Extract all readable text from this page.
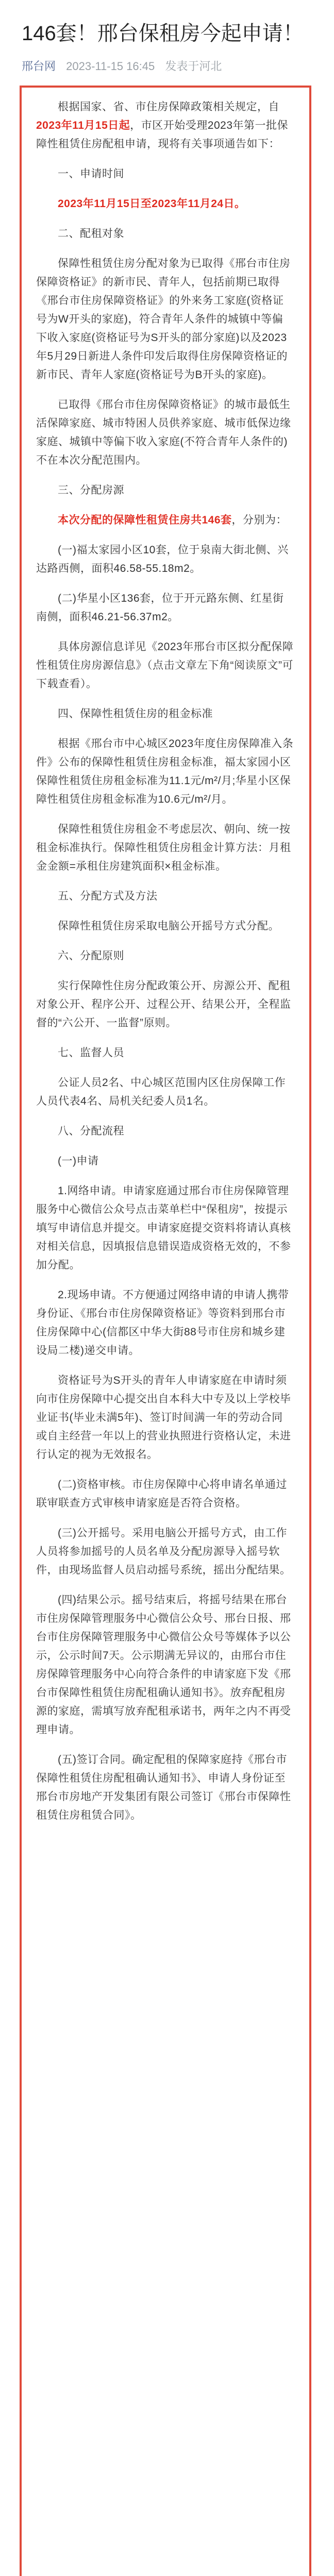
146套！邢台保租房今起申请！
邢台网 2023-11-15 16:45 发表于河北

根据国家、省、市住房保障政策相关规定，自2023年11月15日起，市区开始受理2023年第一批保障性租赁住房配租申请，现将有关事项通告如下：

一、申请时间

2023年11月15日至2023年11月24日。

二、配租对象

保障性租赁住房分配对象为已取得《邢台市住房保障资格证》的新市民、青年人，包括前期已取得《邢台市住房保障资格证》的外来务工家庭(资格证号为W开头的家庭)，符合青年人条件的城镇中等偏下收入家庭(资格证号为S开头的部分家庭)以及2023年5月29日新进人条件印发后取得住房保障资格证的新市民、青年人家庭(资格证号为B开头的家庭)。

已取得《邢台市住房保障资格证》的城市最低生活保障家庭、城市特困人员供养家庭、城市低保边缘家庭、城镇中等偏下收入家庭(不符合青年人条件的)不在本次分配范围内。

三、分配房源

本次分配的保障性租赁住房共146套，分别为：

(一)福太家园小区10套，位于泉南大街北侧、兴达路西侧，面积46.58-55.18m2。

(二)华星小区136套，位于开元路东侧、红星街南侧，面积46.21-56.37m2。

具体房源信息详见《2023年邢台市区拟分配保障性租赁住房房源信息》（点击文章左下角“阅读原文”可下载查看）。

四、保障性租赁住房的租金标准

根据《邢台市中心城区2023年度住房保障准入条件》公布的保障性租赁住房租金标准，福太家园小区保障性租赁住房租金标准为11.1元/m²/月;华星小区保障性租赁住房租金标准为10.6元/m²/月。

保障性租赁住房租金不考虑层次、朝向、统一按租金标准执行。保障性租赁住房租金计算方法：月租金金额=承租住房建筑面积×租金标准。

五、分配方式及方法

保障性租赁住房采取电脑公开摇号方式分配。

六、分配原则

实行保障性住房分配政策公开、房源公开、配租对象公开、程序公开、过程公开、结果公开，全程监督的“六公开、一监督”原则。

七、监督人员

公证人员2名、中心城区范围内区住房保障工作人员代表4名、局机关纪委人员1名。

八、分配流程

(一)申请

1.网络申请。申请家庭通过邢台市住房保障管理服务中心微信公众号点击菜单栏中“保租房”，按提示填写申请信息并提交。申请家庭提交资料将请认真核对相关信息，因填报信息错误造成资格无效的，不参加分配。

2.现场申请。不方便通过网络申请的申请人携带身份证、《邢台市住房保障资格证》等资料到邢台市住房保障中心(信都区中华大街88号市住房和城乡建设局二楼)递交申请。

资格证号为S开头的青年人申请家庭在申请时须向市住房保障中心提交出自本科大中专及以上学校毕业证书(毕业未满5年)、签订时间满一年的劳动合同或自主经营一年以上的营业执照进行资格认定，未进行认定的视为无效报名。

(二)资格审核。市住房保障中心将申请名单通过联审联查方式审核申请家庭是否符合资格。

(三)公开摇号。采用电脑公开摇号方式，由工作人员将参加摇号的人员名单及分配房源导入摇号软件，由现场监督人员启动摇号系统，摇出分配结果。

(四)结果公示。摇号结束后，将摇号结果在邢台市住房保障管理服务中心微信公众号、邢台日报、邢台市住房保障管理服务中心微信公众号等媒体予以公示，公示时间7天。公示期满无异议的，由邢台市住房保障管理服务中心向符合条件的申请家庭下发《邢台市保障性租赁住房配租确认通知书》。放弃配租房源的家庭，需填写放弃配租承诺书，两年之内不再受理申请。

(五)签订合同。确定配租的保障家庭持《邢台市保障性租赁住房配租确认通知书》、申请人身份证至邢台市房地产开发集团有限公司签订《邢台市保障性租赁住房租赁合同》。
